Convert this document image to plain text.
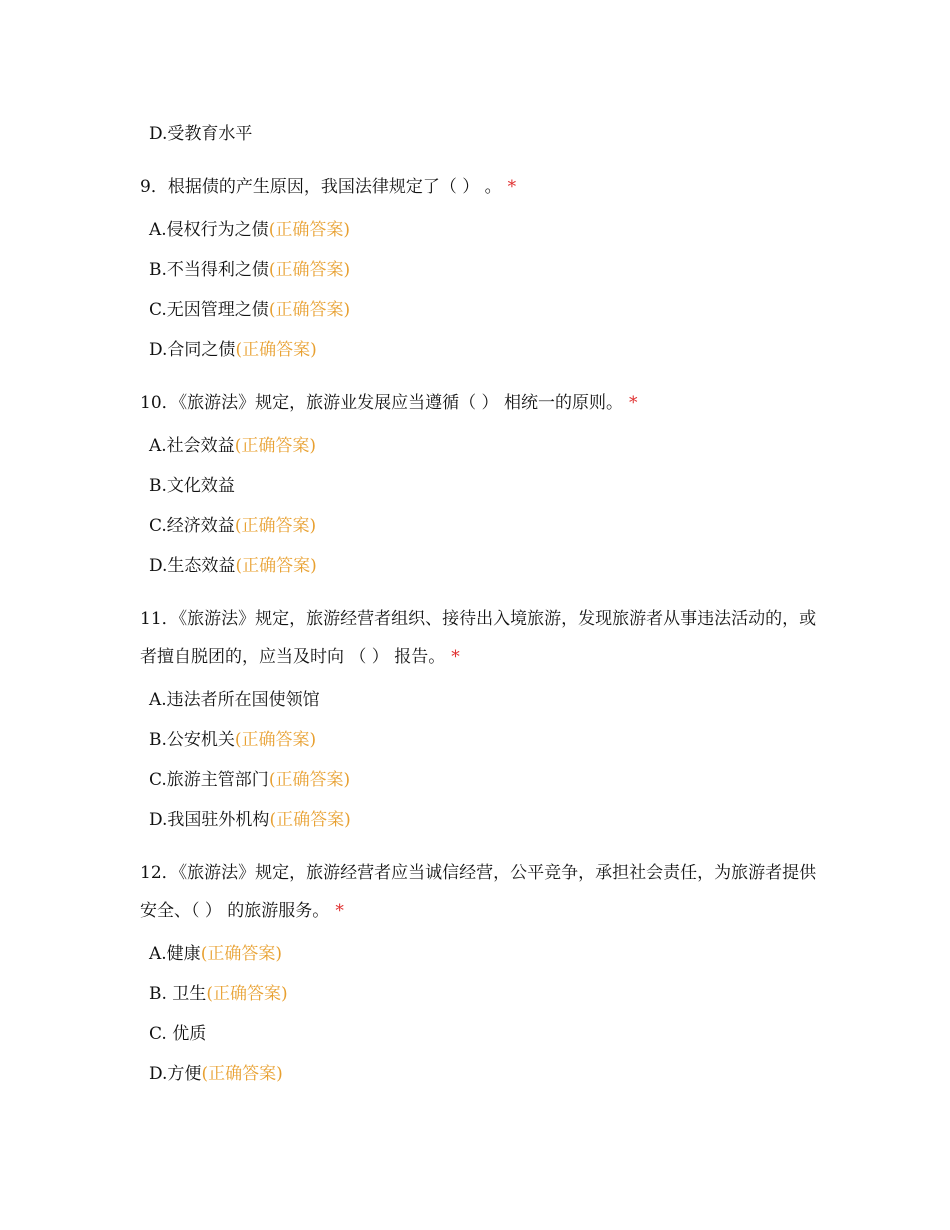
D.受教育水平
9．根据债的产生原因，我国法律规定了（ ） 。 *
A.侵权行为之债(正确答案)
B.不当得利之债(正确答案)
C.无因管理之债(正确答案)
D.合同之债(正确答案)
10．《旅游法》规定，旅游业发展应当遵循（ ） 相统一的原则。 *
A.社会效益(正确答案)
B.文化效益
C.经济效益(正确答案)
D.生态效益(正确答案)
11．《旅游法》规定，旅游经营者组织、接待出入境旅游，发现旅游者从事违法活动的，或者擅自脱团的，应当及时向 （ ） 报告。 *
A.违法者所在国使领馆
B.公安机关(正确答案)
C.旅游主管部门(正确答案)
D.我国驻外机构(正确答案)
12．《旅游法》规定，旅游经营者应当诚信经营，公平竞争，承担社会责任，为旅游者提供安全、（ ） 的旅游服务。 *
A.健康(正确答案)
B. 卫生(正确答案)
C. 优质
D.方便(正确答案)
